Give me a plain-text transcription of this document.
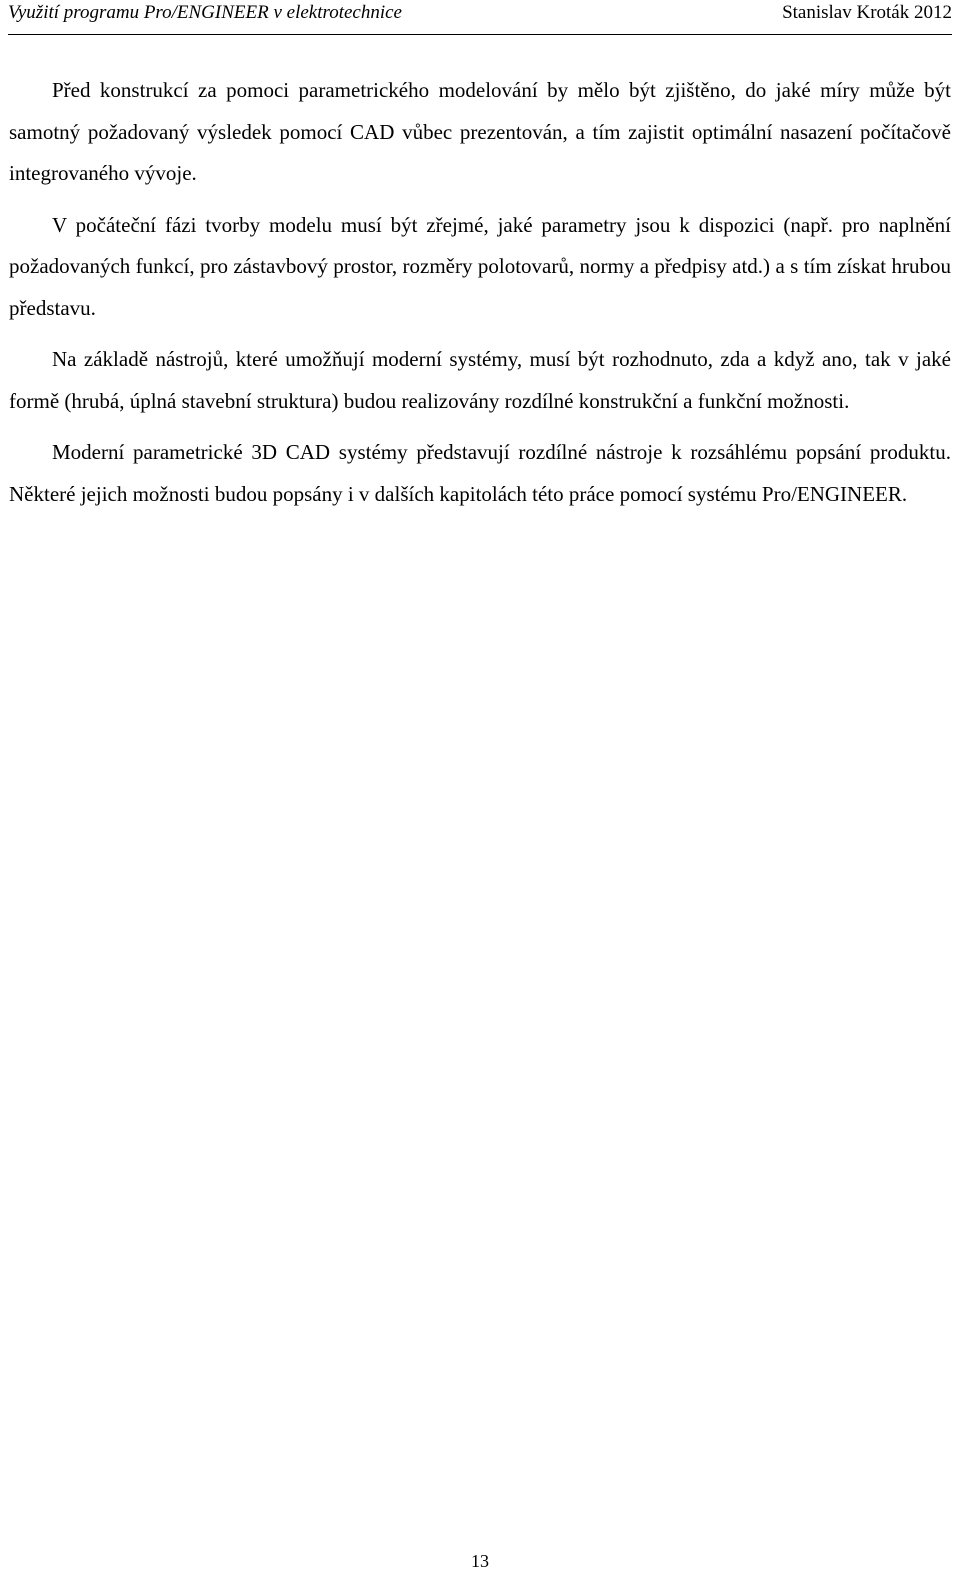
Využití programu Pro/ENGINEER v elektrotechnice	Stanislav Kroták 2012

Před konstrukcí za pomoci parametrického modelování by mělo být zjištěno, do jaké míry může být samotný požadovaný výsledek pomocí CAD vůbec prezentován, a tím zajistit optimální nasazení počítačově integrovaného vývoje.

V počáteční fázi tvorby modelu musí být zřejmé, jaké parametry jsou k dispozici (např. pro naplnění požadovaných funkcí, pro zástavbový prostor, rozměry polotovarů, normy a předpisy atd.) a s tím získat hrubou představu.

Na základě nástrojů, které umožňují moderní systémy, musí být rozhodnuto, zda a když ano, tak v jaké formě (hrubá, úplná stavební struktura) budou realizovány rozdílné konstrukční a funkční možnosti.

Moderní parametrické 3D CAD systémy představují rozdílné nástroje k rozsáhlému popsání produktu. Některé jejich možnosti budou popsány i v dalších kapitolách této práce pomocí systému Pro/ENGINEER.

13
